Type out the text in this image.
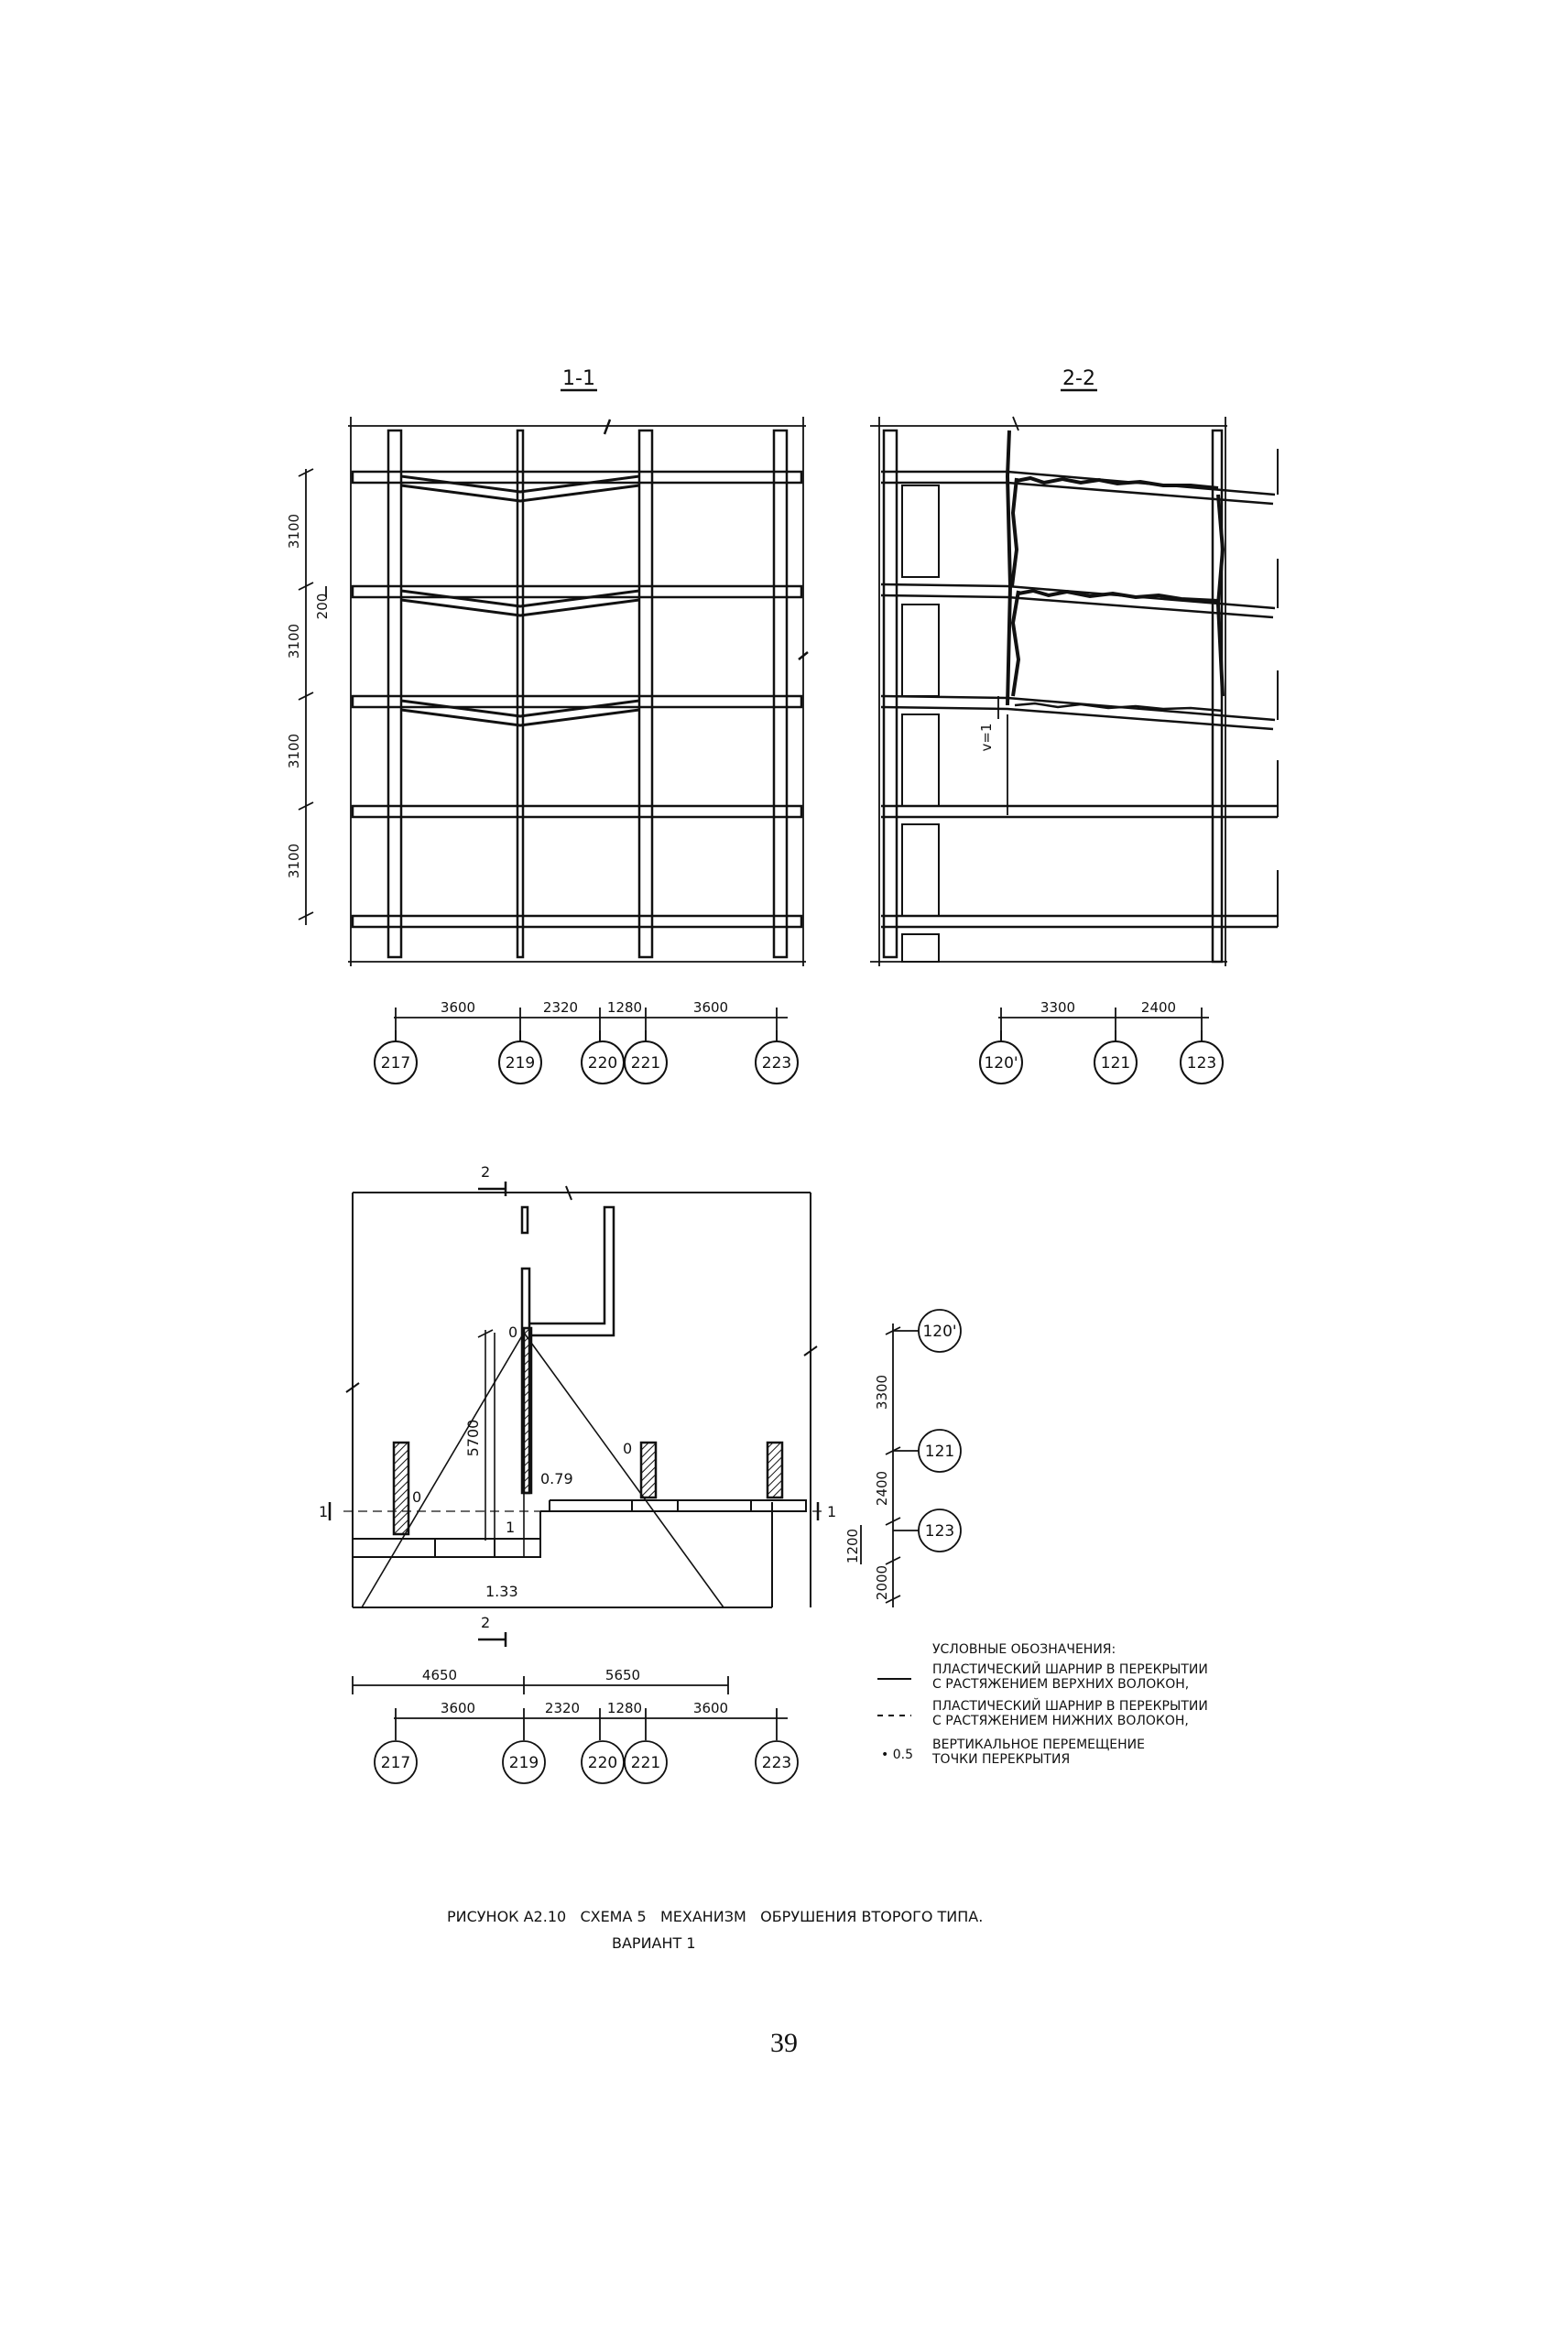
1-1
3100
3100
3100
3100
200
3600	2320 1280	3600
217	219	220 221	223
2-2
v=1
3300	2400
120'	121	123
2
2
1	1
5700
0
0
0
0.79
1
1.33
120'
121
123
3300
2400
1200
2000
4650	5650
3600	2320 1280	3600
217	219	220 221	223
УСЛОВНЫЕ ОБОЗНАЧЕНИЯ:
ПЛАСТИЧЕСКИЙ ШАРНИР В ПЕРЕКРЫТИИ
С РАСТЯЖЕНИЕМ ВЕРХНИХ ВОЛОКОН,
ПЛАСТИЧЕСКИЙ ШАРНИР В ПЕРЕКРЫТИИ
С РАСТЯЖЕНИЕМ НИЖНИХ ВОЛОКОН,
• 0.5
ВЕРТИКАЛЬНОЕ ПЕРЕМЕЩЕНИЕ
ТОЧКИ ПЕРЕКРЫТИЯ
РИСУНОК А2.10   СХЕМА 5   МЕХАНИЗМ   ОБРУШЕНИЯ ВТОРОГО ТИПА.
ВАРИАНТ 1
39
